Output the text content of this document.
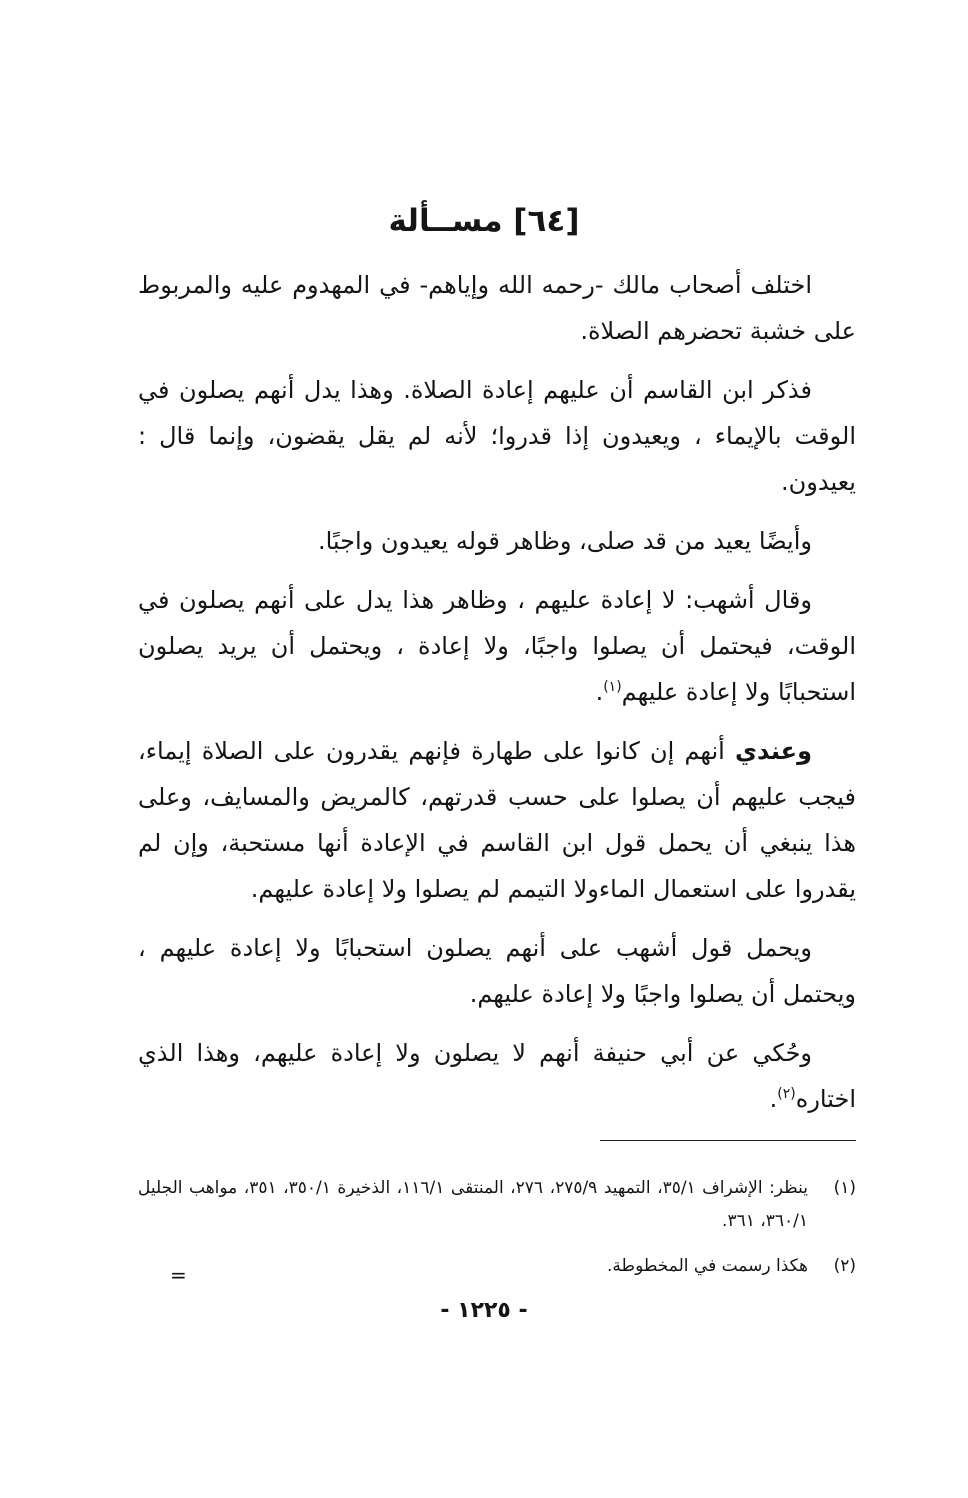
[٦٤] مســألة

اختلف أصحاب مالك -رحمه الله وإياهم- في المهدوم عليه والمربوط على خشبة تحضرهم الصلاة.

فذكر ابن القاسم أن عليهم إعادة الصلاة. وهذا يدل أنهم يصلون في الوقت بالإيماء ، ويعيدون إذا قدروا؛ لأنه لم يقل يقضون، وإنما قال : يعيدون.

وأيضًا يعيد من قد صلى، وظاهر قوله يعيدون واجبًا.

وقال أشهب: لا إعادة عليهم ، وظاهر هذا يدل على أنهم يصلون في الوقت، فيحتمل أن يصلوا واجبًا، ولا إعادة ، ويحتمل أن يريد يصلون استحبابًا ولا إعادة عليهم$^{(١)}$.

وعندي أنهم إن كانوا على طهارة فإنهم يقدرون على الصلاة إيماء، فيجب عليهم أن يصلوا على حسب قدرتهم، كالمريض والمسايف، وعلى هذا ينبغي أن يحمل قول ابن القاسم في الإعادة أنها مستحبة، وإن لم يقدروا على استعمال الماءولا التيمم لم يصلوا ولا إعادة عليهم.

ويحمل قول أشهب على أنهم يصلون استحبابًا ولا إعادة عليهم ، ويحتمل أن يصلوا واجبًا ولا إعادة عليهم.

وحُكي عن أبي حنيفة أنهم لا يصلون ولا إعادة عليهم، وهذا الذي اختاره$^{(٢)}$.

(١)
ينظر: الإشراف ٣٥/١، التمهيد ٢٧٥/٩، ٢٧٦، المنتقى ١١٦/١، الذخيرة ٣٥٠/١، ٣٥١، مواهب الجليل ٣٦٠/١، ٣٦١.
(٢)
هكذا رسمت في المخطوطة.
=
- ١٢٢٥ -
